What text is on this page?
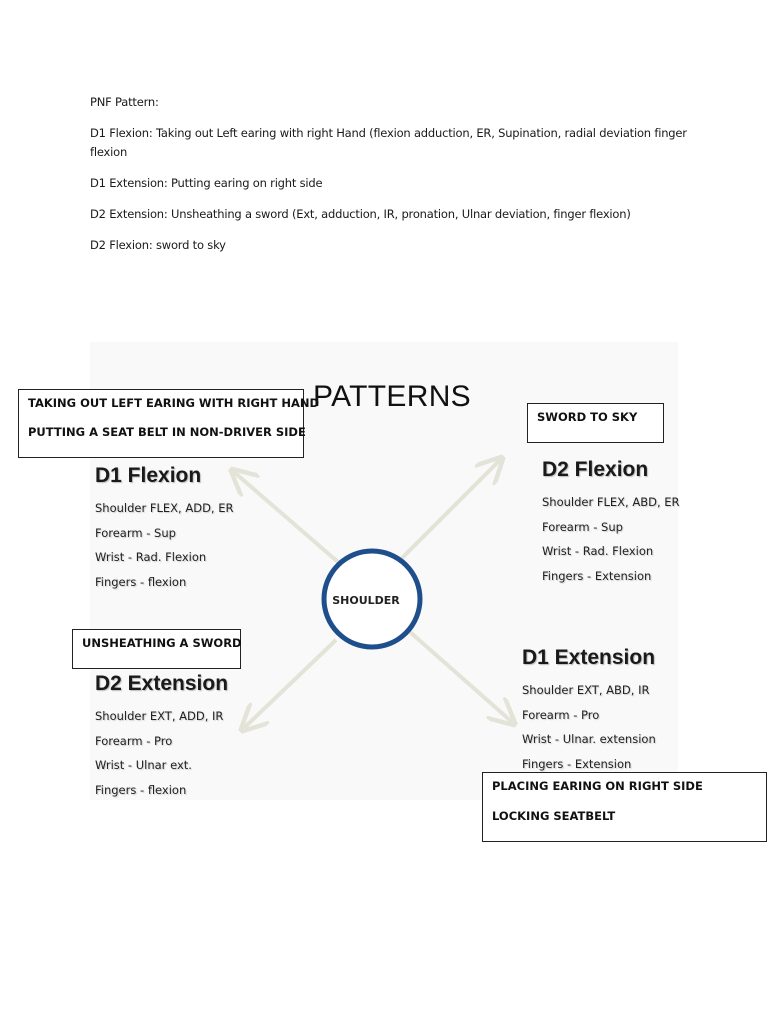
PNF Pattern:

D1 Flexion: Taking out Left earing with right Hand (flexion adduction, ER, Supination, radial deviation finger flexion

D1 Extension: Putting earing on right side

D2 Extension: Unsheathing a sword (Ext, adduction, IR, pronation, Ulnar deviation, finger flexion)

D2 Flexion: sword to sky

PATTERNS
SHOULDER
D1 Flexion
Shoulder FLEX, ADD, ER
Forearm - Sup
Wrist - Rad. Flexion
Fingers - flexion
D2 Flexion
Shoulder FLEX, ABD, ER
Forearm - Sup
Wrist - Rad. Flexion
Fingers - Extension
D2 Extension
Shoulder EXT, ADD, IR
Forearm - Pro
Wrist - Ulnar ext.
Fingers - flexion
D1 Extension
Shoulder EXT, ABD, IR
Forearm - Pro
Wrist - Ulnar. extension
Fingers - Extension
TAKING OUT LEFT EARING WITH RIGHT HAND
PUTTING A SEAT BELT IN NON-DRIVER SIDE
SWORD TO SKY
UNSHEATHING A SWORD
PLACING EARING ON RIGHT SIDE
LOCKING SEATBELT
